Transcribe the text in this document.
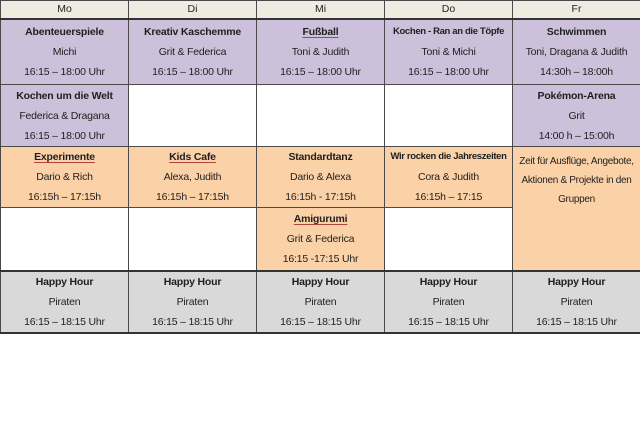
Mo	Di	Mi	Do	Fr

Abenteuerspiele
Michi
16:15 – 18:00 Uhr	Kreativ Kaschemme
Grit & Federica
16:15 – 18:00 Uhr	Fußball
Toni & Judith
16:15 – 18:00 Uhr	Kochen - Ran an die Töpfe
Toni & Michi
16:15 – 18:00 Uhr	Schwimmen
Toni, Dragana & Judith
14:30h – 18:00h

Kochen um die Welt
Federica & Dragana
16:15 – 18:00 Uhr				Pokémon-Arena
Grit
14:00 h – 15:00h

Experimente
Dario & Rich
16:15h – 17:15h	Kids Cafe
Alexa, Judith
16:15h – 17:15h	Standardtanz
Dario & Alexa
16:15h - 17:15h	Wir rocken die Jahreszeiten
Cora & Judith
16:15h – 17:15	Zeit für Ausflüge, Angebote,
Aktionen & Projekte in den
Gruppen

		Amigurumi
Grit & Federica
16:15 -17:15 Uhr		

Happy Hour
Piraten
16:15 – 18:15 Uhr	Happy Hour
Piraten
16:15 – 18:15 Uhr	Happy Hour
Piraten
16:15 – 18:15 Uhr	Happy Hour
Piraten
16:15 – 18:15 Uhr	Happy Hour
Piraten
16:15 – 18:15 Uhr
